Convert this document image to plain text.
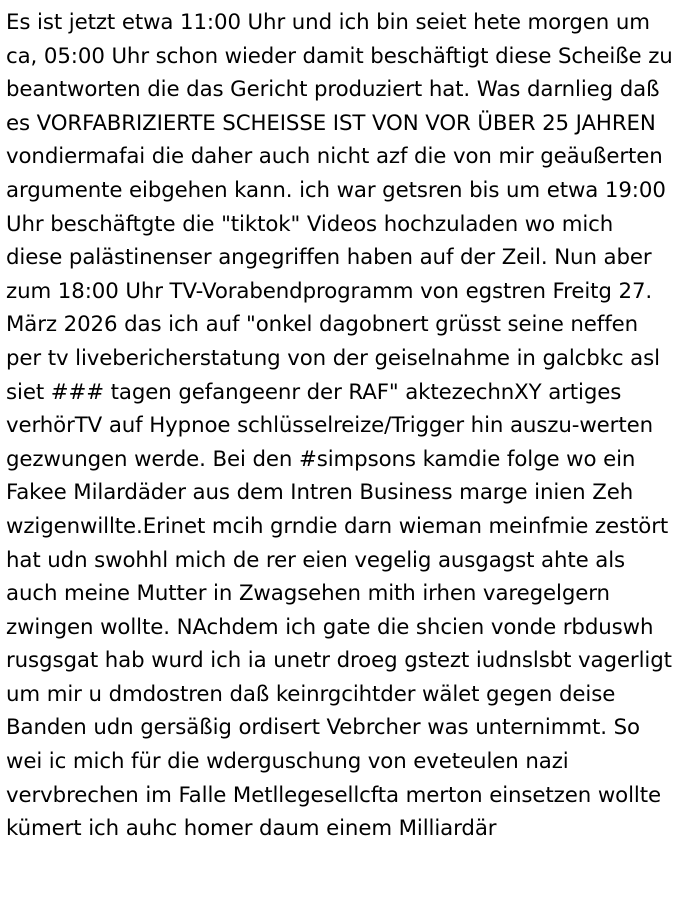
Es ist jetzt etwa 11:00 Uhr und ich bin seiet hete morgen um ca, 05:00 Uhr schon wieder damit beschäftigt diese Scheiße zu beantworten die das Gericht produziert hat. Was darnlieg daß es VORFABRIZIERTE SCHEISSE IST VON VOR ÜBER 25 JAHREN vondiermafai die daher auch nicht azf die von mir geäußerten argumente eibgehen kann. ich war getsren bis um etwa 19:00 Uhr beschäftgte die "tiktok" Videos hochzuladen wo mich diese palästinenser angegriffen haben auf der Zeil. Nun aber zum 18:00 Uhr TV-Vorabendprogramm von egstren Freitg 27. März 2026 das ich auf "onkel dagobnert grüsst seine neffen per tv livebericherstatung von der geiselnahme in galcbkc asl siet ### tagen gefangeenr der RAF" aktezechnXY artiges verhörTV auf Hypnoe schlüsselreize/Trigger hin auszu-werten gezwungen werde. Bei den #simpsons kamdie folge wo ein Fakee Milardäder aus dem Intren Business marge inien Zeh wzigenwillte.Erinet mcih grndie darn wieman meinfmie zestört hat udn swohhl mich de rer eien vegelig ausgagst ahte als auch meine Mutter in Zwagsehen mith irhen varegelgern zwingen wollte. NAchdem ich gate die shcien vonde rbduswh rusgsgat hab wurd ich ia unetr droeg gstezt iudnslsbt vagerligt um mir u dmdostren daß keinrgcihtder wälet gegen deise Banden udn gersäßig ordisert Vebrcher was unternimmt. So wei ic mich für die wderguschung von eveteulen nazi vervbrechen im Falle Metllegesellcfta merton einsetzen wollte kümert ich auhc homer daum einem Milliardär
